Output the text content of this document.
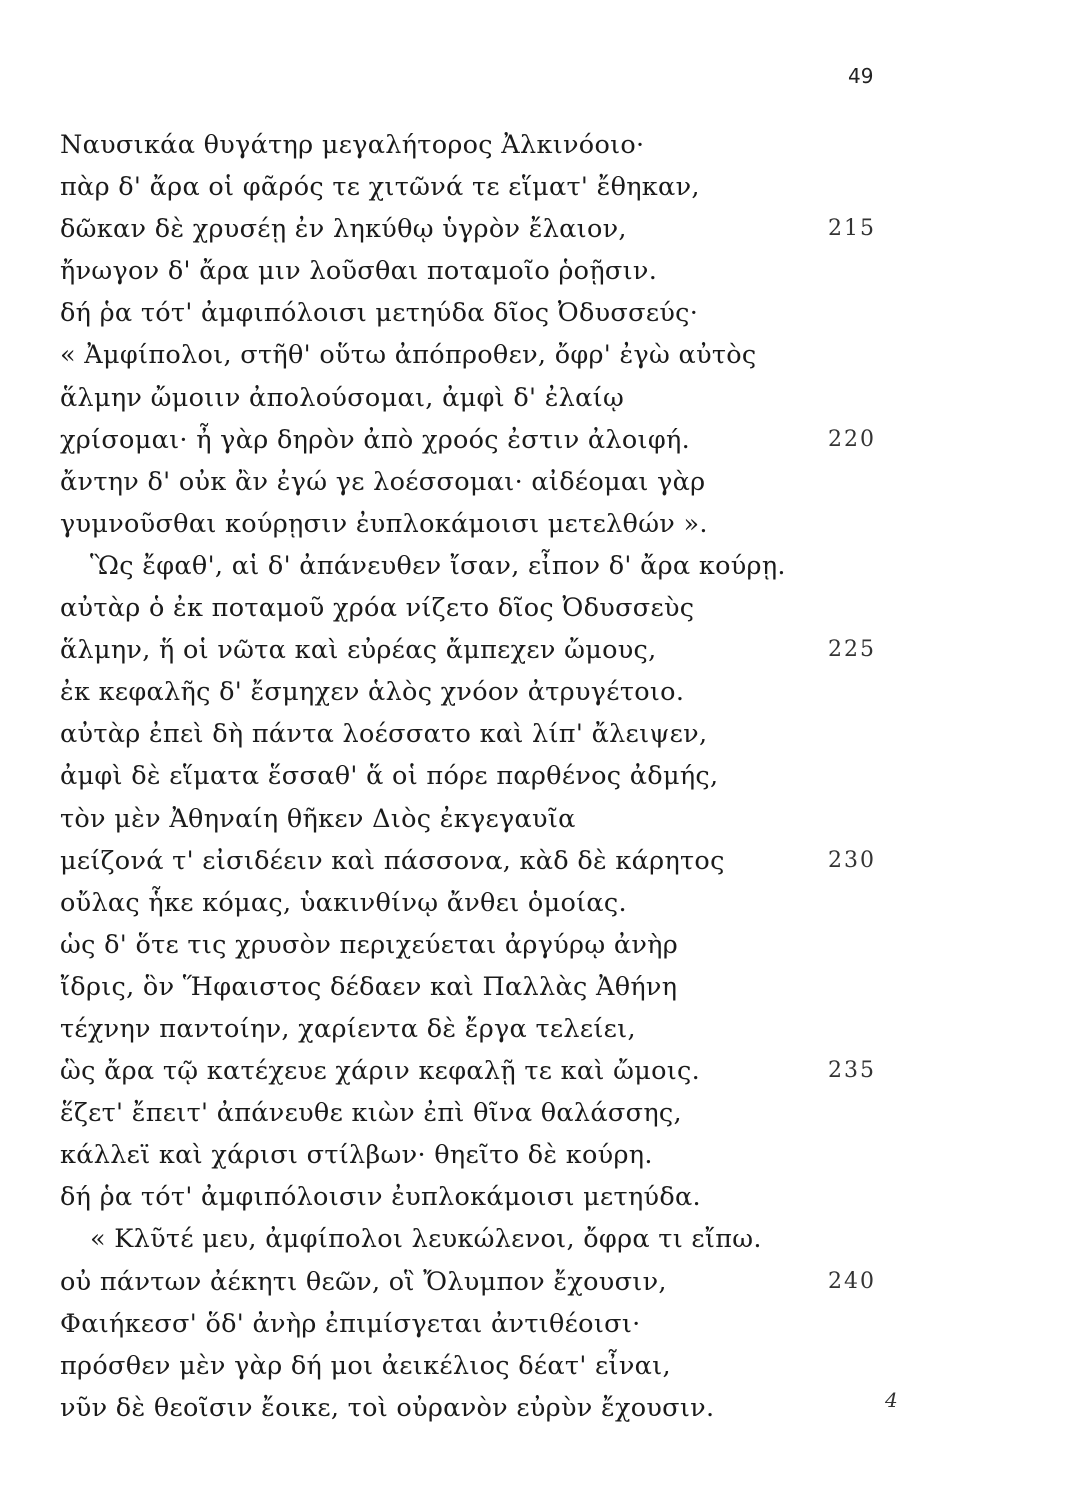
49
Ναυσικάα θυγάτηρ μεγαλήτορος Ἀλκινόοιο·
πὰρ δ' ἄρα οἱ φᾶρός τε χιτῶνά τε εἵματ' ἔθηκαν,
δῶκαν δὲ χρυσέῃ ἐν ληκύθῳ ὑγρὸν ἔλαιον,	215
ἤνωγον δ' ἄρα μιν λοῦσθαι ποταμοῖο ῥοῇσιν.
δή ῥα τότ' ἀμφιπόλοισι μετηύδα δῖος Ὀδυσσεύς·
« Ἀμφίπολοι, στῆθ' οὕτω ἀπόπροθεν, ὄφρ' ἐγὼ αὐτὸς
ἅλμην ὤμοιιν ἀπολούσομαι, ἀμφὶ δ' ἐλαίῳ
χρίσομαι· ἦ γὰρ δηρὸν ἀπὸ χροός ἐστιν ἀλοιφή.	220
ἄντην δ' οὐκ ἂν ἐγώ γε λοέσσομαι· αἰδέομαι γὰρ
γυμνοῦσθαι κούρῃσιν ἐυπλοκάμοισι μετελθών ».
Ὣς ἔφαθ', αἱ δ' ἀπάνευθεν ἴσαν, εἶπον δ' ἄρα κούρῃ.
αὐτὰρ ὁ ἐκ ποταμοῦ χρόα νίζετο δῖος Ὀδυσσεὺς
ἅλμην, ἥ οἱ νῶτα καὶ εὐρέας ἄμπεχεν ὤμους,	225
ἐκ κεφαλῆς δ' ἔσμηχεν ἁλὸς χνόον ἀτρυγέτοιο.
αὐτὰρ ἐπεὶ δὴ πάντα λοέσσατο καὶ λίπ' ἄλειψεν,
ἀμφὶ δὲ εἵματα ἕσσαθ' ἅ οἱ πόρε παρθένος ἀδμής,
τὸν μὲν Ἀθηναίη θῆκεν Διὸς ἐκγεγαυῖα
μείζονά τ' εἰσιδέειν καὶ πάσσονα, κὰδ δὲ κάρητος	230
οὔλας ἧκε κόμας, ὑακινθίνῳ ἄνθει ὁμοίας.
ὡς δ' ὅτε τις χρυσὸν περιχεύεται ἀργύρῳ ἀνὴρ
ἴδρις, ὃν Ἥφαιστος δέδαεν καὶ Παλλὰς Ἀθήνη
τέχνην παντοίην, χαρίεντα δὲ ἔργα τελείει,
ὣς ἄρα τῷ κατέχευε χάριν κεφαλῇ τε καὶ ὤμοις.	235
ἕζετ' ἔπειτ' ἀπάνευθε κιὼν ἐπὶ θῖνα θαλάσσης,
κάλλεϊ καὶ χάρισι στίλβων· θηεῖτο δὲ κούρη.
δή ῥα τότ' ἀμφιπόλοισιν ἐυπλοκάμοισι μετηύδα.
« Κλῦτέ μευ, ἀμφίπολοι λευκώλενοι, ὄφρα τι εἴπω.
οὐ πάντων ἀέκητι θεῶν, οἳ Ὄλυμπον ἔχουσιν,	240
Φαιήκεσσ' ὅδ' ἀνὴρ ἐπιμίσγεται ἀντιθέοισι·
πρόσθεν μὲν γὰρ δή μοι ἀεικέλιος δέατ' εἶναι,
νῦν δὲ θεοῖσιν ἔοικε, τοὶ οὐρανὸν εὐρὺν ἔχουσιν.	4
